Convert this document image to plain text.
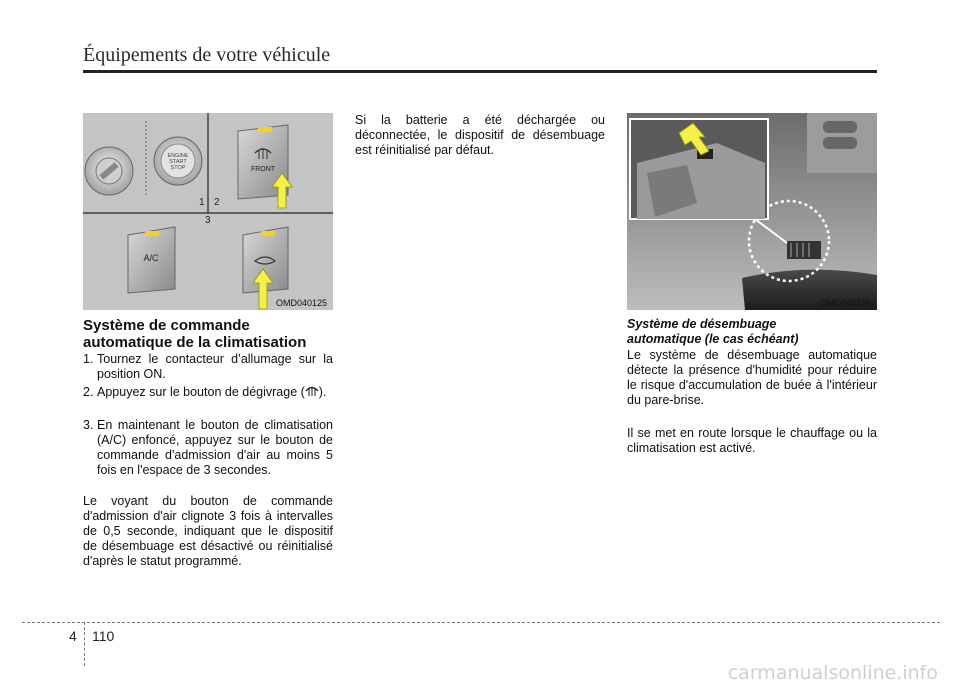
Équipements de votre véhicule
ENGINE
START
STOP	FRONT
1 2
3
A/C
OMD040125	OMD040126
Système de commande
automatique de la climatisation
1. Tournez le contacteur d’allumage sur la position ON.
2. Appuyez sur le bouton de dégivrage ( ).
3. En maintenant le bouton de climatisation (A/C) enfoncé, appuyez sur le bouton de commande d'admission d'air au moins 5 fois en l'espace de 3 secondes.
Le voyant du bouton de commande d'admission d'air clignote 3 fois à intervalles de 0,5 seconde, indiquant que le dispositif de désembuage est désactivé ou réinitialisé d'après le statut programmé.
Si la batterie a été déchargée ou déconnectée, le dispositif de désembuage est réinitialisé par défaut.
Système de désembuage
automatique (le cas échéant)
Le système de désembuage automatique détecte la présence d'humidité pour réduire le risque d'accumulation de buée à l'intérieur du pare-brise.
Il se met en route lorsque le chauffage ou la climatisation est activé.
4 110
carmanualsonline.info
